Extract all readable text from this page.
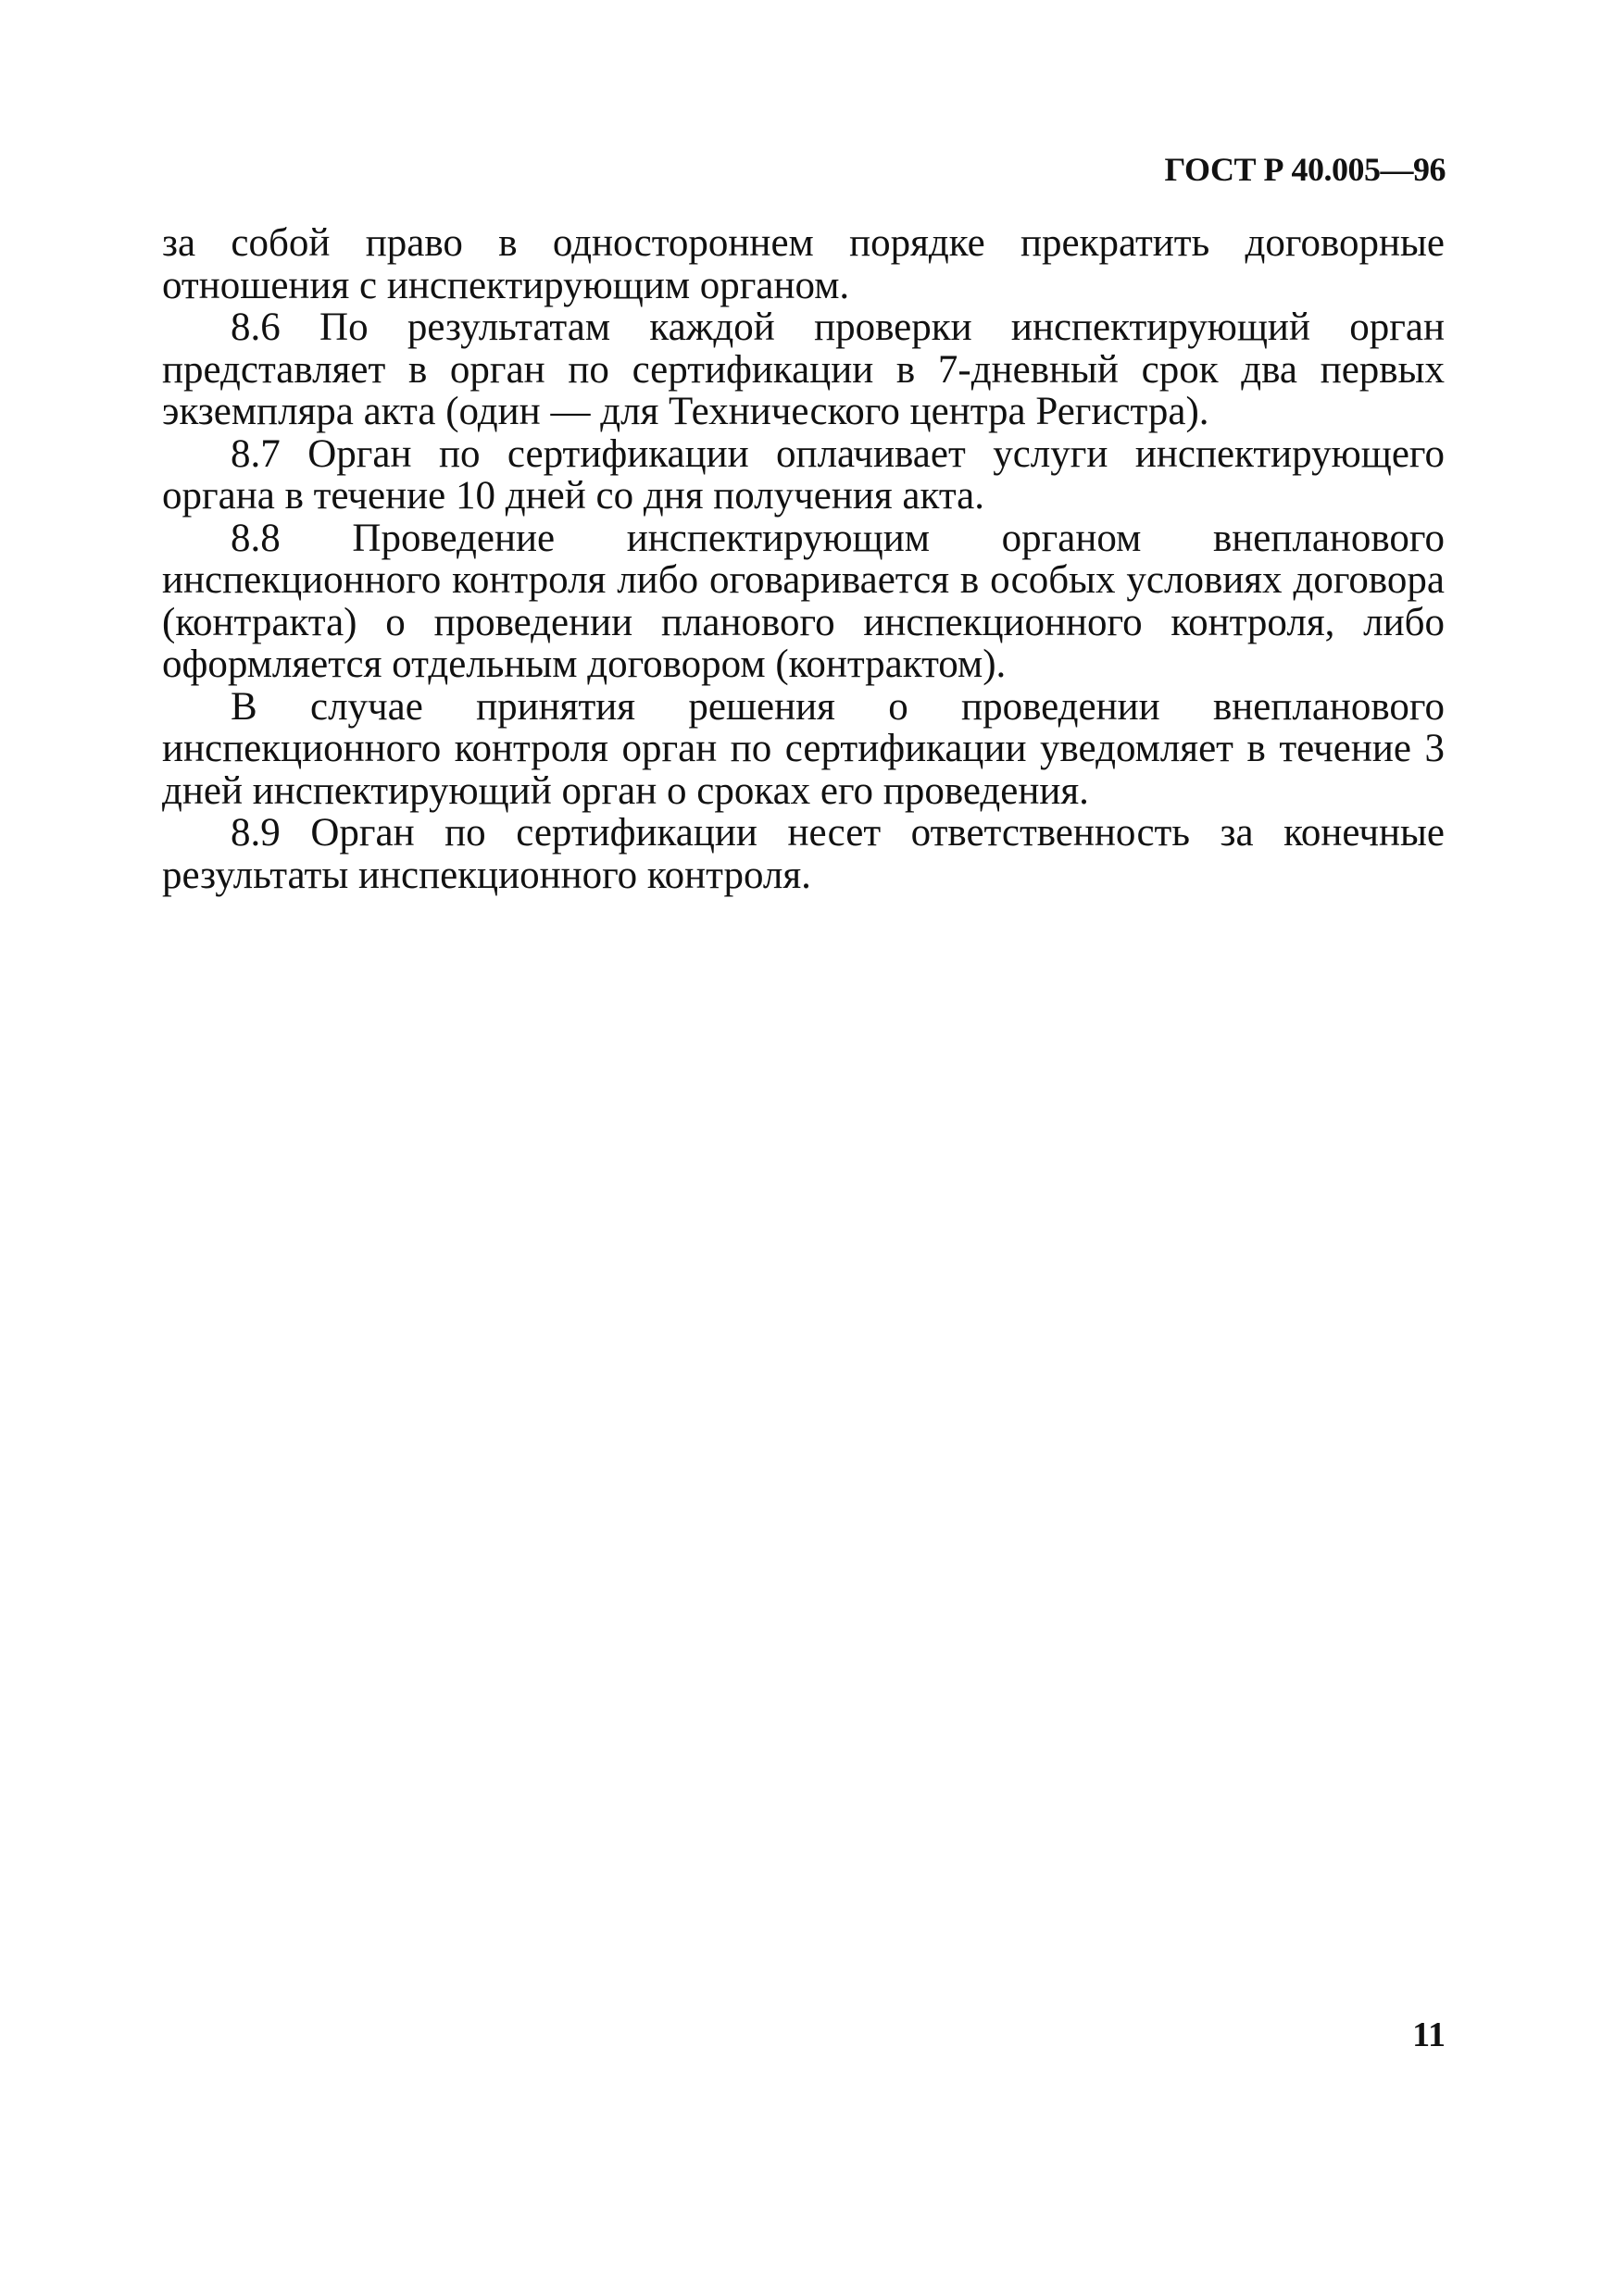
ГОСТ Р 40.005—96

за собой право в одностороннем порядке прекратить договорные отношения с инспектирующим органом.

8.6 По результатам каждой проверки инспектирующий орган представляет в орган по сертификации в 7-дневный срок два первых экземпляра акта (один — для Технического центра Регистра).

8.7 Орган по сертификации оплачивает услуги инспектирующего органа в течение 10 дней со дня получения акта.

8.8 Проведение инспектирующим органом внепланового инспекционного контроля либо оговаривается в особых условиях договора (контракта) о проведении планового инспекционного контроля, либо оформляется отдельным договором (контрактом).

В случае принятия решения о проведении внепланового инспекционного контроля орган по сертификации уведомляет в течение 3 дней инспектирующий орган о сроках его проведения.

8.9 Орган по сертификации несет ответственность за конечные результаты инспекционного контроля.

11
